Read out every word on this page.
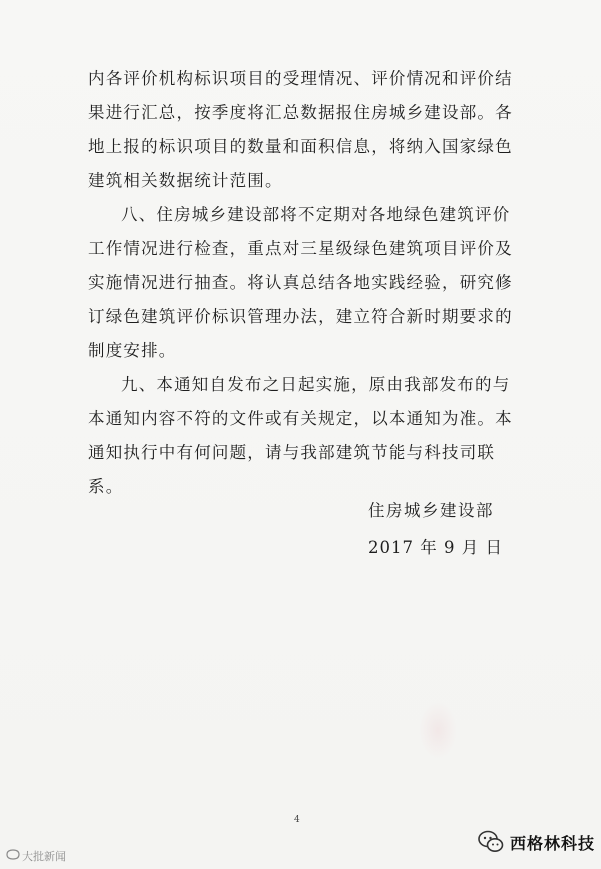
内各评价机构标识项目的受理情况、评价情况和评价结果进行汇总，按季度将汇总数据报住房城乡建设部。各地上报的标识项目的数量和面积信息，将纳入国家绿色建筑相关数据统计范围。

八、住房城乡建设部将不定期对各地绿色建筑评价工作情况进行检查，重点对三星级绿色建筑项目评价及实施情况进行抽查。将认真总结各地实践经验，研究修订绿色建筑评价标识管理办法，建立符合新时期要求的制度安排。

九、本通知自发布之日起实施，原由我部发布的与本通知内容不符的文件或有关规定，以本通知为准。本通知执行中有何问题，请与我部建筑节能与科技司联系。

住房城乡建设部
2017 年 9 月 日
4
大批新闻
西格林科技
